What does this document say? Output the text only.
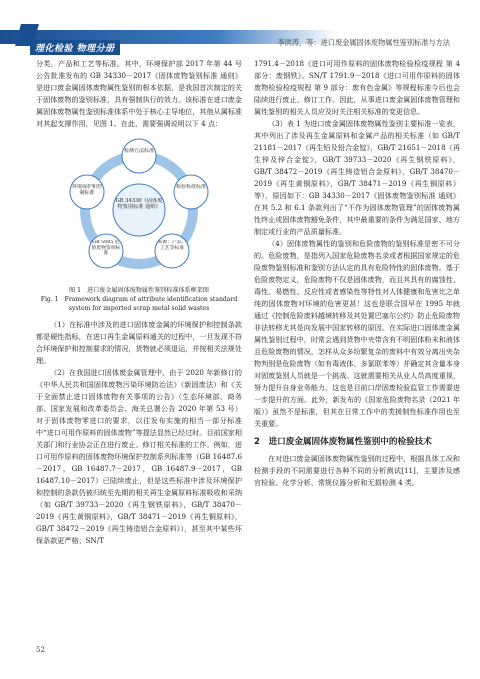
理化检验 物理分册
李洪涛，等：进口废金属固体废物属性鉴别标准与方法

分类，产品和工艺等标准。其中，环境保护部 2017 年第 44 号公告批准发布的 GB 34330－2017《固体废物鉴别标准 通则》是进口废金属固体废物属性鉴别的根本依据，是我国首次制定的关于固体废物的鉴别标准，具有强制执行的效力。该标准在进口废金属固体废物属性鉴别标准体系中处于核心主导地位，其他从属标准对其起支撑作用，见图 1。在此，需要强调说明以下 4 点：

GB 34330《固体废物鉴别标准 通则》
检测方法标准
检验检疫标准
来源：产品、工艺等标准
GB 5085 危险废物鉴别标准
环境保护和控制标准
图 1　进口废金属固体废物属性鉴别标准体系框架图
Fig. 1　Framework diagram of attribute identification standard system for imported scrap metal solid wastes

（1）在标准中涉及的进口固体废金属的环境保护和控制条款都是硬性指标，在进口再生金属原料通关的过程中，一旦发现不符合环境保护和控制要求的情况，货物就必须退运，并按相关法规处理。

（2）在我国进口固体废金属管理中，由于 2020 年新修订的《中华人民共和国固体废物污染环境防治法》（新固废法）和《关于全面禁止进口固体废物有关事项的公告》（生态环境部、商务部、国家发展和改革委员会、海关总署公告 2020 年第 53 号）对于固体废物零进口的要求，以往发布实施的相当一部分标准中“进口可用作原料的固体废物”等提法显然已经过时。目前国家相关部门和行业协会正在进行废止、修订相关标准的工作。例如，进口可用作原料的固体废物环境保护控制系列标准等（GB 16487.6－2017，GB 16487.7－2017，GB 16487.9－2017，GB 16487.10－2017）已陆续废止，但是这些标准中涉及环境保护和控制的条款仍被归统至先期的相关再生金属原料标准吸收和采纳（如 GB/T 39733－2020《再生钢铁原料》，GB/T 38470－2019《再生黄铜原料》，GB/T 38471－2019《再生铜原料》，GB/T 38472－2019《再生铸造铝合金原料》），甚至其中某些环保条款更严格；SN/T

1791.4－2018《进口可用作原料的固体废物检验检疫规程 第 4 部分：废钢铁》、SN/T 1791.9－2018《进口可用作原料的固体废物检验检疫规程 第 9 部分：废有色金属》等规程标准今后也会陆续进行废止、修订工作。因此，从事进口废金属固体废物管理和属性鉴别的相关人员应及时关注相关标准的变更信息。

（3）表 1 为进口废金属固体废物属性鉴别主要标准一览表，其中列出了涉及再生金属原料和金属产品的相关标准（如 GB/T 21181－2017《再生铅及铅合金锭》，GB/T 21651－2018《再生锌及锌合金锭》，GB/T 39733－2020《再生钢铁原料》，GB/T 38472－2019《再生铸造铝合金原料》，GB/T 38470－2019《再生黄铜原料》，GB/T 38471－2019《再生铜原料》等），原因如下：GB 34330－2017《固体废物鉴别标准 通则》在其 5.2 和 6.1 条款列出了“不作为固体废物管理”的固体废物属性终止或固体废物豁免条件，其中最重要的条件为满足国家、地方制定或行业的产品质量标准。

（4）固体废物属性的鉴别和危险废物的鉴别标准是密不可分的。危险废物，是指列入国家危险废物名录或者根据国家规定的危险废物鉴别标准和鉴别方法认定的具有危险特性的固体废物。基于危险废物定义，危险废物不仅是固体废物，而且其具有的腐蚀性、毒性、易燃性、反应性或者感染性等特性对人体健康和危害比之单纯的固体废物对环境的危害更甚！这也是联合国早在 1995 年就通过《控制危险废料越境转移及其处置巴塞尔公约》防止危险废物非法转移尤其是向发展中国家转移的原因。在实际进口固体废金属属性鉴别过程中，时常会遇到货物中夹带含有不明固体粉末和液体且危险废物的情况，怎样从众多纷繁复杂的废料中有效分离出夹杂物判别是危险废物（如有毒液体、多氯联苯等）并确定其含量本身对固废鉴别人员就是一个挑战。这就需要相关从业人员高度重视，努力提升自身业务能力，这也是目前口岸固废检验监管工作需要进一步提升的方面。此外，新发布的《国家危险废物名录（2021 年版）》虽然不是标准，但其在日常工作中的类援制性标准作用也至关重要。

2　进口废金属固体废物属性鉴别中的检验技术

在对进口废金属固体废物属性鉴别的过程中，根据具体工况和检测手段的不同需要进行各种不同的分析测试[11]，主要涉及感官检验、化学分析、常规仪器分析和无损检测 4 类。

52
